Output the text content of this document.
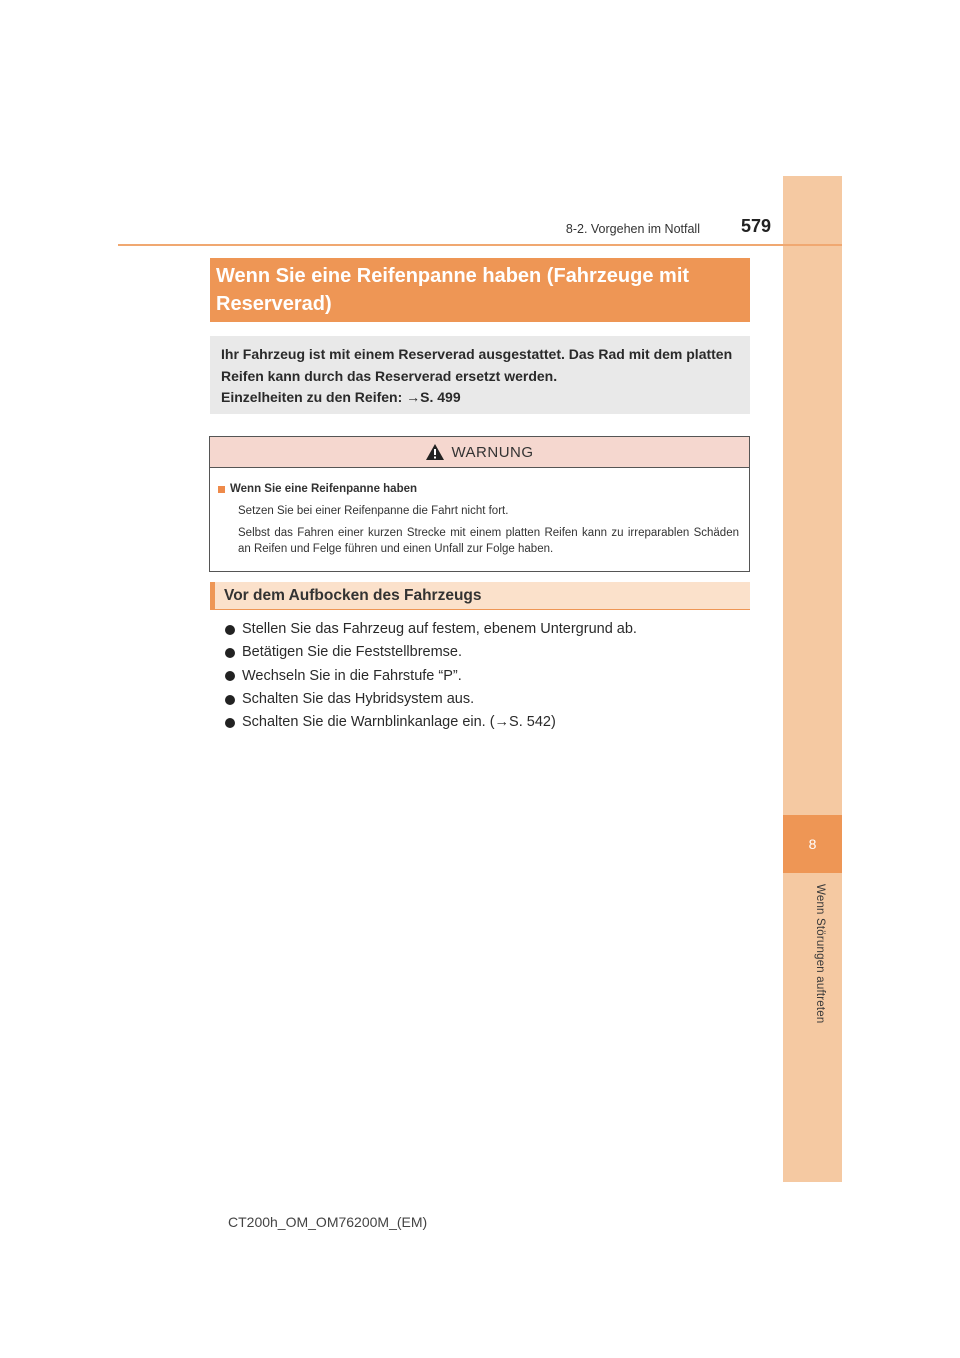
8
Wenn Störungen auftreten
8-2. Vorgehen im Notfall 579
Wenn Sie eine Reifenpanne haben (Fahrzeuge mit
Reserverad)
Ihr Fahrzeug ist mit einem Reserverad ausgestattet. Das Rad mit dem platten
Reifen kann durch das Reserverad ersetzt werden.
Einzelheiten zu den Reifen: →S. 499
WARNUNG
Wenn Sie eine Reifenpanne haben
Setzen Sie bei einer Reifenpanne die Fahrt nicht fort.
Selbst das Fahren einer kurzen Strecke mit einem platten Reifen kann zu irreparablen Schäden an Reifen und Felge führen und einen Unfall zur Folge haben.
Vor dem Aufbocken des Fahrzeugs
Stellen Sie das Fahrzeug auf festem, ebenem Untergrund ab.
Betätigen Sie die Feststellbremse.
Wechseln Sie in die Fahrstufe “P”.
Schalten Sie das Hybridsystem aus.
Schalten Sie die Warnblinkanlage ein. (→S. 542)
CT200h_OM_OM76200M_(EM)
